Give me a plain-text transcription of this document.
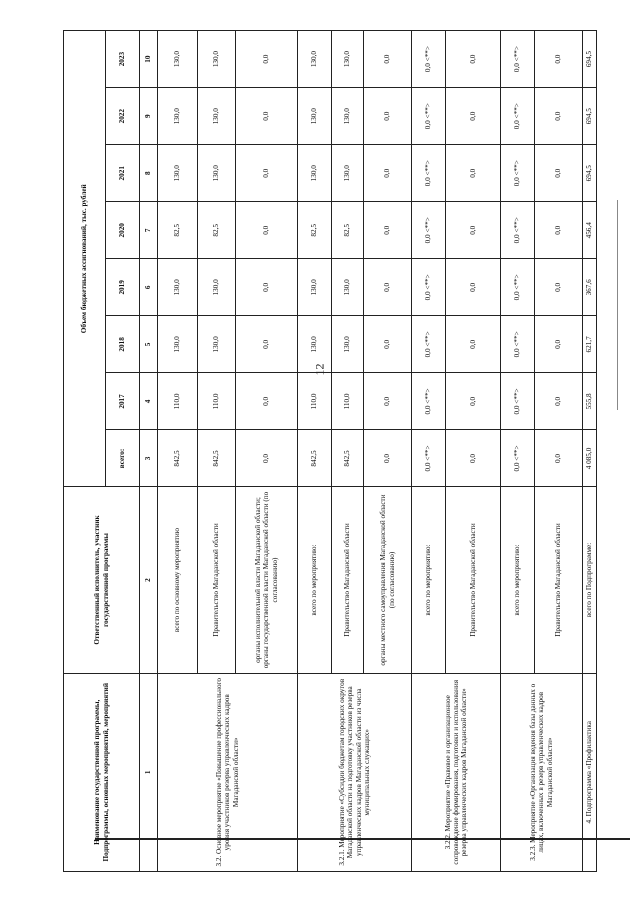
12
Наименование государственной программы, Подпрограммы, основных мероприятий, мероприятий	Ответственный исполнитель, участник государственной программы	Объем бюджетных ассигнований, тыс. рублей							
		всего:	2017	2018	2019	2020	2021	2022	2023
1	2	3	4	5	6	7	8	9	10
3.2. Основное мероприятие «Повышение профессионального уровня участников резерва управленческих кадров Магаданской области»	всего по основному мероприятию	842,5	110,0	130,0	130,0	82,5	130,0	130,0	130,0
	Правительство Магаданской области	842,5	110,0	130,0	130,0	82,5	130,0	130,0	130,0
	органы исполнительной власти Магаданской области; органы государственной власти Магаданской области (по согласованию)	0,0	0,0	0,0	0,0	0,0	0,0	0,0	0,0
3.2.1. Мероприятие «Субсидии бюджетам городских округов Магаданской области на подготовку участников резерва управленческих кадров Магаданской области из числа муниципальных служащих»	всего по мероприятию:	842,5	110,0	130,0	130,0	82,5	130,0	130,0	130,0
	Правительство Магаданской области	842,5	110,0	130,0	130,0	82,5	130,0	130,0	130,0
	органы местного самоуправления Магаданской области (по согласованию)	0,0	0,0	0,0	0,0	0,0	0,0	0,0	0,0
3.2.2. Мероприятие «Правовое и организационное сопровождение формирования, подготовки и использования резерва управленческих кадров Магаданской области»	всего по мероприятию:	0,0 <**>	0,0 <**>	0,0 <**>	0,0 <**>	0,0 <**>	0,0 <**>	0,0 <**>	0,0 <**>
	Правительство Магаданской области	0,0	0,0	0,0	0,0	0,0	0,0	0,0	0,0
3.2.3. Мероприятие «Организация ведения базы данных о лицах, включенных в резерв управленческих кадров Магаданской области»	всего по мероприятию:	0,0 <**>	0,0 <**>	0,0 <**>	0,0 <**>	0,0 <**>	0,0 <**>	0,0 <**>	0,0 <**>
	Правительство Магаданской области	0,0	0,0	0,0	0,0	0,0	0,0	0,0	0,0
4. Подпрограмма «Профилактика	всего по Подпрограмме:	4 085,0	555,8	621,7	367,6	456,4	694,5	694,5	694,5
